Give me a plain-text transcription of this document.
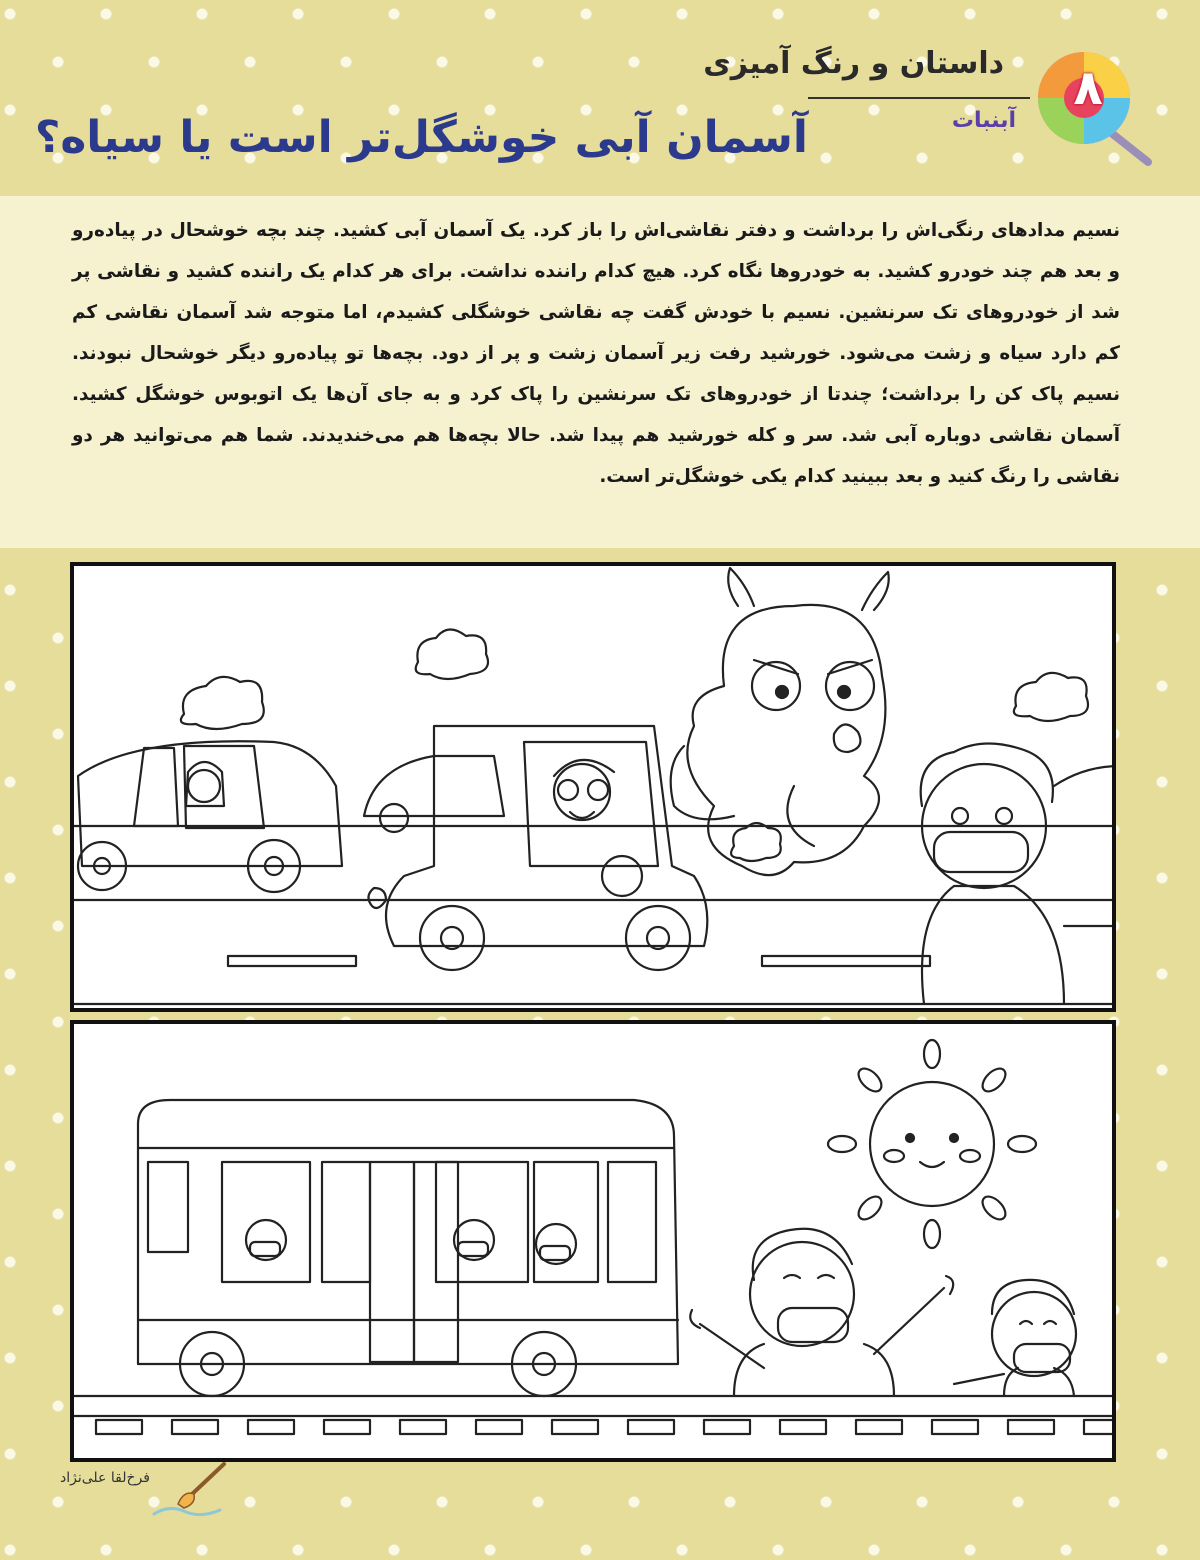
داستان و رنگ آمیزی
آسمان آبی خوشگل‌تر است یا سیاه؟
۸
آبنبات
نسیم مدادهای رنگی‌اش را برداشت و دفتر نقاشی‌اش را باز کرد. یک آسمان آبی کشید. چند بچه خوشحال در پیاده‌رو و بعد هم چند خودرو کشید. به خودروها نگاه کرد. هیچ کدام راننده نداشت. برای هر کدام یک راننده کشید و نقاشی پر شد از خودروهای تک سرنشین. نسیم با خودش گفت چه نقاشی خوشگلی کشیدم، اما متوجه شد آسمان نقاشی کم کم دارد سیاه و زشت می‌شود. خورشید رفت زیر آسمان زشت و پر از دود. بچه‌ها تو پیاده‌رو دیگر خوشحال نبودند. نسیم پاک کن را برداشت؛ چندتا از خودروهای تک سرنشین را پاک کرد و به جای آن‌ها یک اتوبوس خوشگل کشید. آسمان نقاشی دوباره آبی شد. سر و کله خورشید هم پیدا شد. حالا بچه‌ها هم می‌خندیدند. شما هم می‌توانید هر دو نقاشی را رنگ کنید و بعد ببینید کدام یکی خوشگل‌تر است.
فرخ‌لقا علی‌نژاد
